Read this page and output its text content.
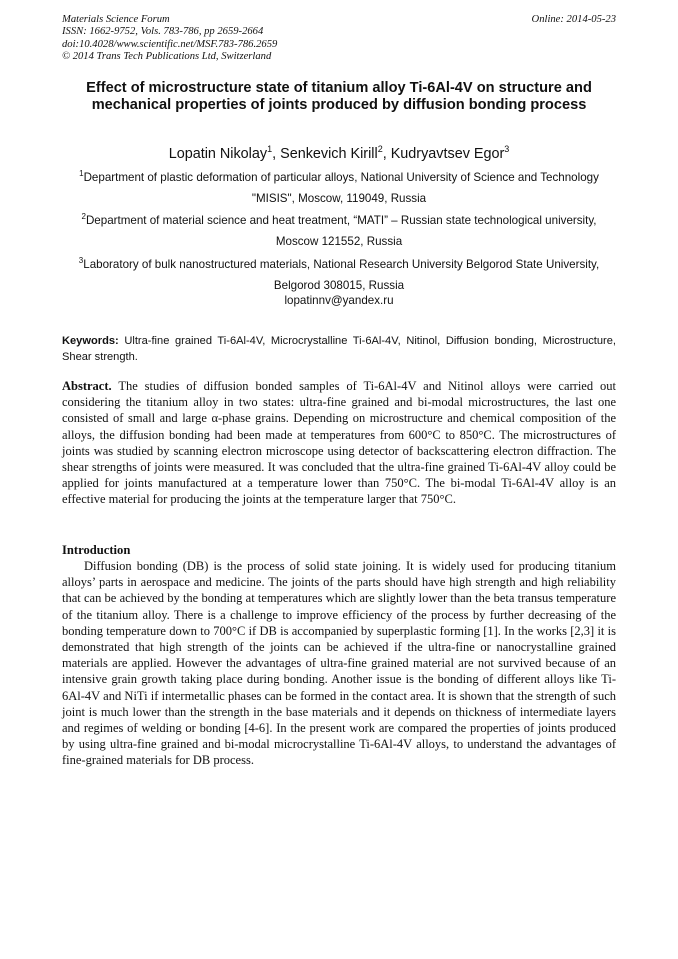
Materials Science Forum
ISSN: 1662-9752, Vols. 783-786, pp 2659-2664
doi:10.4028/www.scientific.net/MSF.783-786.2659
© 2014 Trans Tech Publications Ltd, Switzerland
Online: 2014-05-23
Effect of microstructure state of titanium alloy Ti-6Al-4V on structure and mechanical properties of joints produced by diffusion bonding process
Lopatin Nikolay$^1$, Senkevich Kirill$^2$, Kudryavtsev Egor$^3$
$^1$Department of plastic deformation of particular alloys, National University of Science and Technology "MISIS", Moscow, 119049, Russia
$^2$Department of material science and heat treatment, “MATI” – Russian state technological university, Moscow 121552, Russia
$^3$Laboratory of bulk nanostructured materials, National Research University Belgorod State University, Belgorod 308015, Russia
lopatinnv@yandex.ru
Keywords: Ultra-fine grained Ti-6Al-4V, Microcrystalline Ti-6Al-4V, Nitinol, Diffusion bonding, Microstructure, Shear strength.
Abstract. The studies of diffusion bonded samples of Ti-6Al-4V and Nitinol alloys were carried out considering the titanium alloy in two states: ultra-fine grained and bi-modal microstructures, the last one consisted of small and large α-phase grains. Depending on microstructure and chemical composition of the alloys, the diffusion bonding had been made at temperatures from 600°C to 850°C. The microstructures of joints was studied by scanning electron microscope using detector of backscattering electron diffraction. The shear strengths of joints were measured. It was concluded that the ultra-fine grained Ti-6Al-4V alloy could be applied for joints manufactured at a temperature lower than 750°C. The bi-modal Ti-6Al-4V alloy is an effective material for producing the joints at the temperature larger that 750°C.
Introduction
Diffusion bonding (DB) is the process of solid state joining. It is widely used for producing titanium alloys’ parts in aerospace and medicine. The joints of the parts should have high strength and high reliability that can be achieved by the bonding at temperatures which are slightly lower than the beta transus temperature of the titanium alloy. There is a challenge to improve efficiency of the process by further decreasing of the bonding temperature down to 700°C if DB is accompanied by superplastic forming [1]. In the works [2,3] it is demonstrated that high strength of the joints can be achieved if the ultra-fine or nanocrystalline grained materials are applied. However the advantages of ultra-fine grained material are not survived because of an intensive grain growth taking place during bonding. Another issue is the bonding of different alloys like Ti-6Al-4V and NiTi if intermetallic phases can be formed in the contact area. It is shown that the strength of such joint is much lower than the strength in the base materials and it depends on thickness of intermediate layers and regimes of welding or bonding [4-6]. In the present work are compared the properties of joints produced by using ultra-fine grained and bi-modal microcrystalline Ti-6Al-4V alloys, to understand the advantages of fine-grained materials for DB process.
